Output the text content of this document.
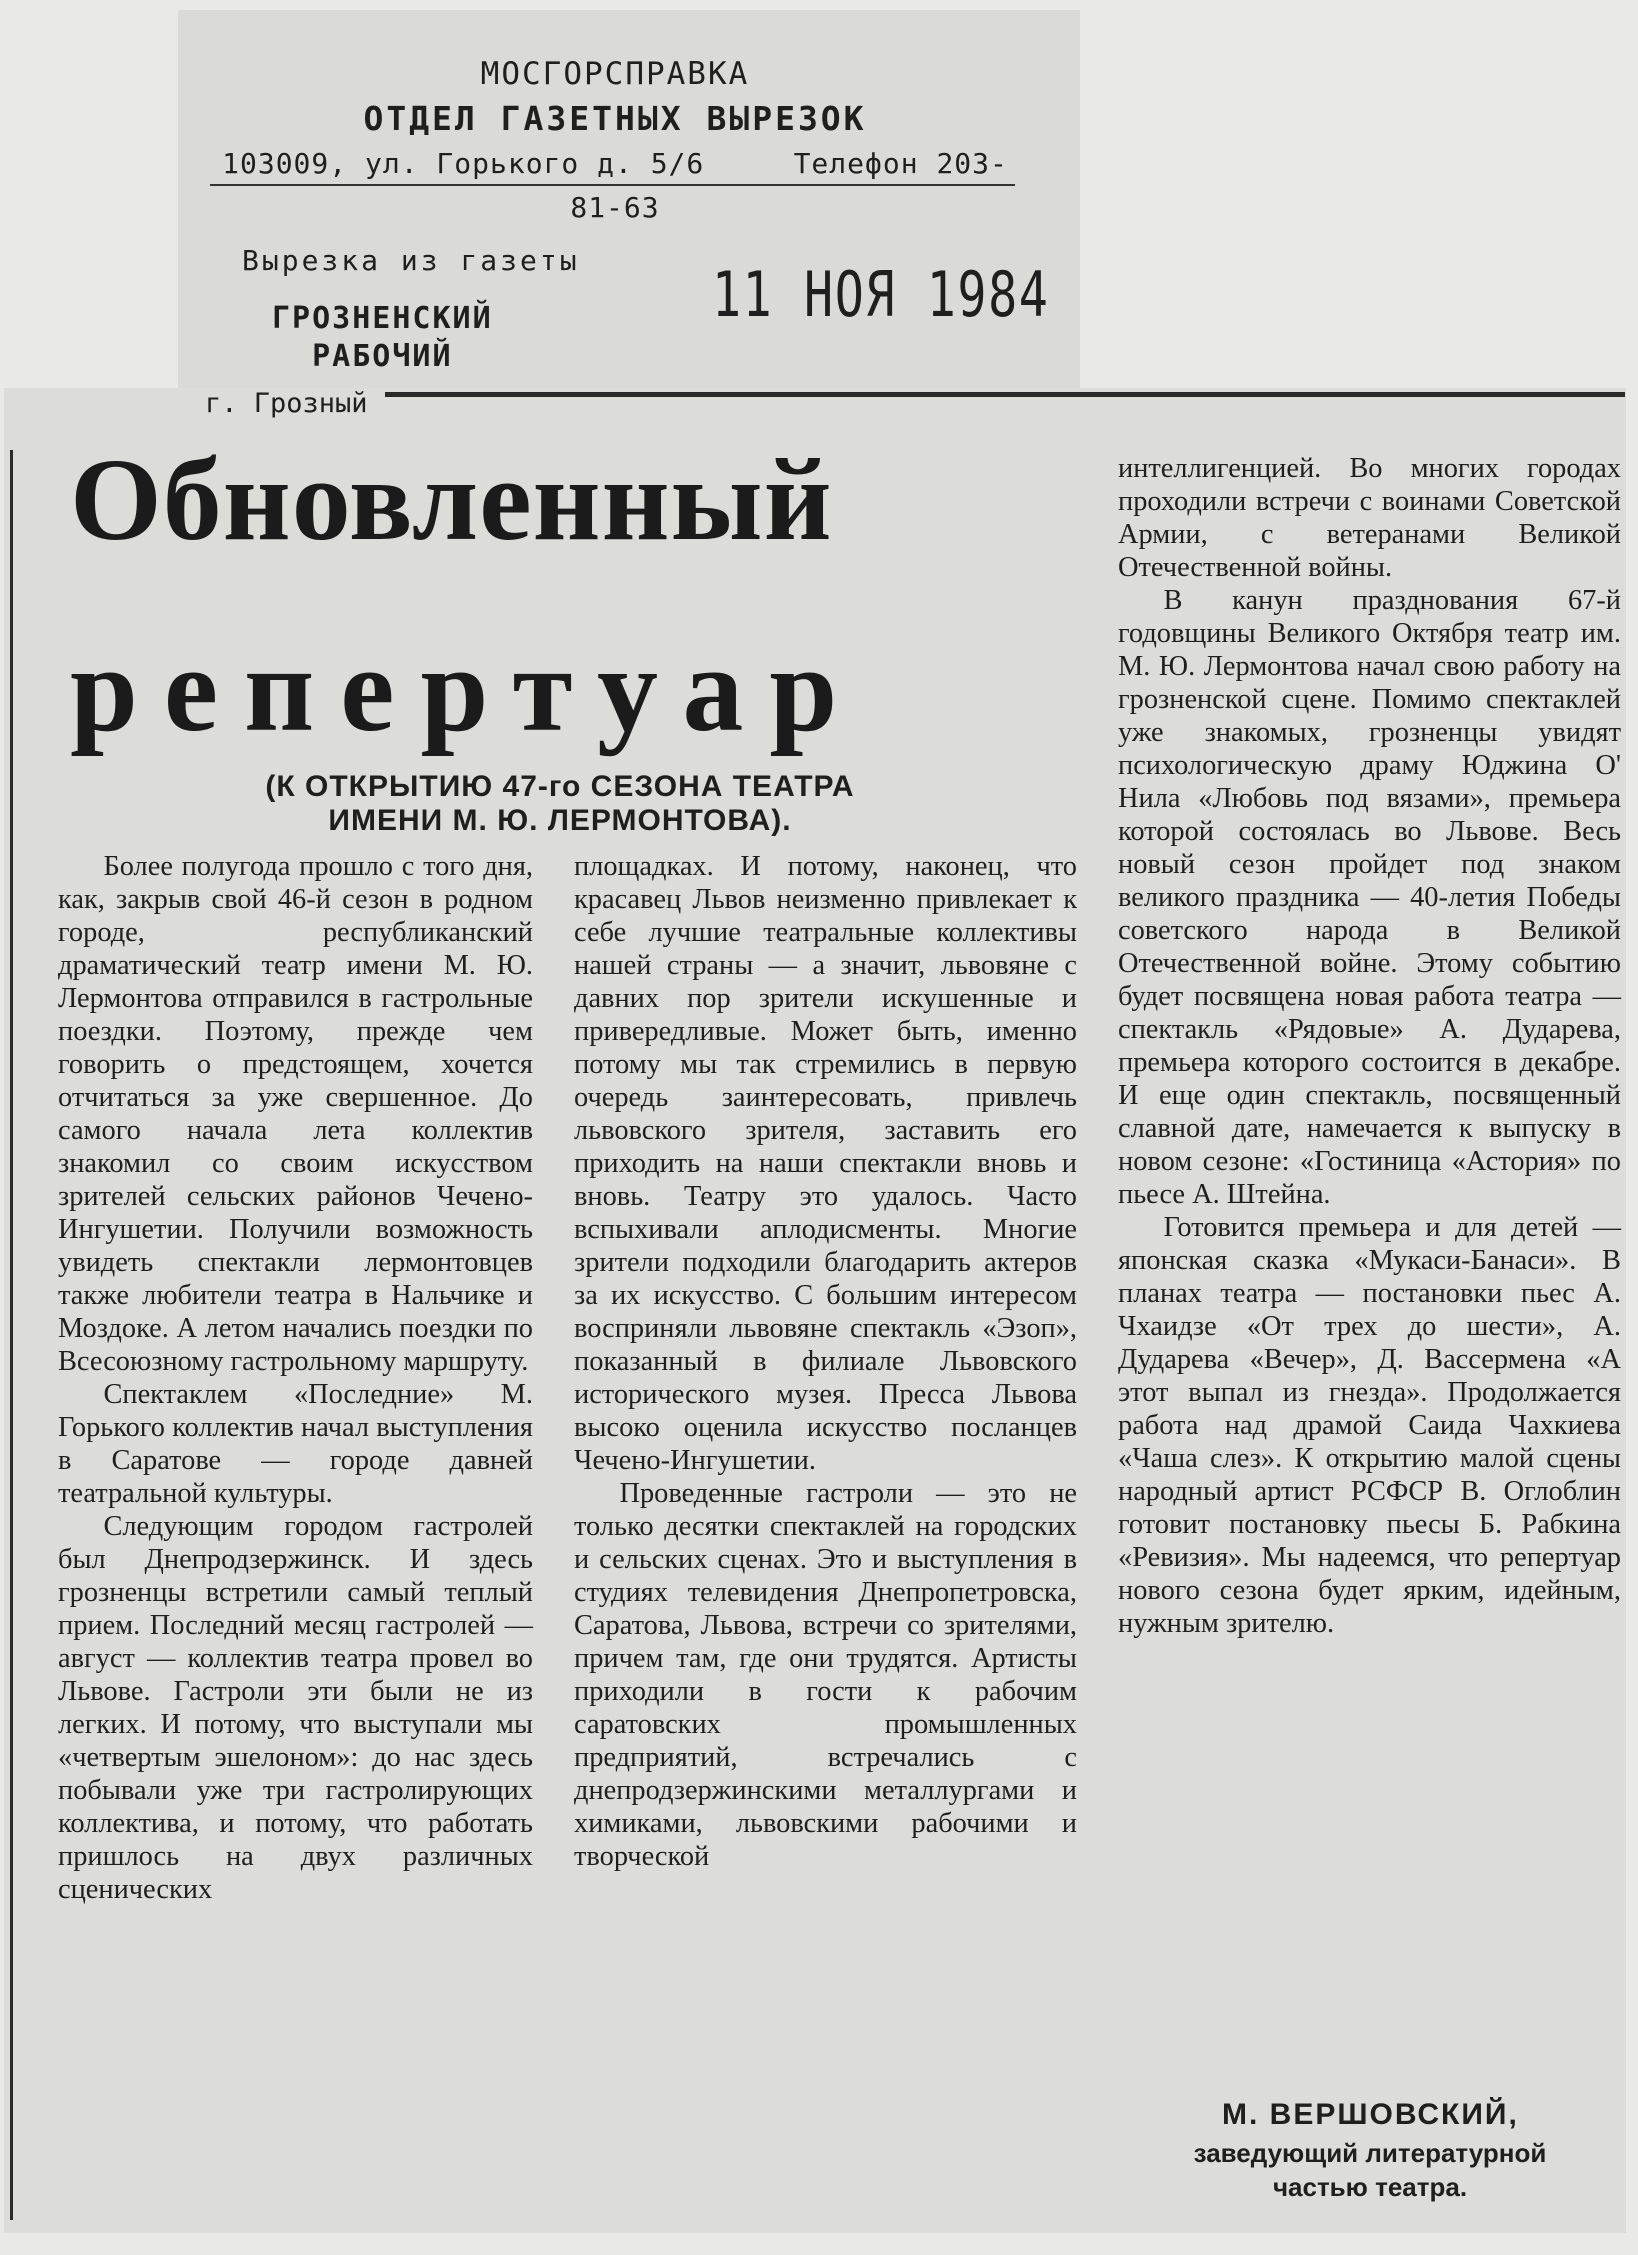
МОСГОРСПРАВКА
ОТДЕЛ ГАЗЕТНЫХ ВЫРЕЗОК
103009, ул. Горького д. 5/6	Телефон 203-81-63
Вырезка из газеты
ГРОЗНЕНСКИЙ
РАБОЧИЙ
11 НОЯ 1984
г. Грозный
Обновленный
репертуар
(К ОТКРЫТИЮ 47-го СЕЗОНА ТЕАТРА
ИМЕНИ М. Ю. ЛЕРМОНТОВА).

Более полугода прошло с того дня, как, закрыв свой 46-й сезон в родном городе, республиканский драматический театр имени М. Ю. Лермонтова отправился в гастрольные поездки. Поэтому, прежде чем говорить о предстоящем, хочется отчитаться за уже свершенное. До самого начала лета коллектив знакомил со своим искусством зрителей сельских районов Чечено-Ингушетии. Получили возможность увидеть спектакли лермонтовцев также любители театра в Нальчике и Моздоке. А летом начались поездки по Всесоюзному гастрольному маршруту.

Спектаклем «Последние» М. Горького коллектив начал выступления в Саратове — городе давней театральной культуры.

Следующим городом гастролей был Днепродзержинск. И здесь грозненцы встретили самый теплый прием. Последний месяц гастролей — август — коллектив театра провел во Львове. Гастроли эти были не из легких. И потому, что выступали мы «четвертым эшелоном»: до нас здесь побывали уже три гастролирующих коллектива, и потому, что работать пришлось на двух различных сценических

площадках. И потому, наконец, что красавец Львов неизменно привлекает к себе лучшие театральные коллективы нашей страны — а значит, львовяне с давних пор зрители искушенные и привередливые. Может быть, именно потому мы так стремились в первую очередь заинтересовать, привлечь львовского зрителя, заставить его приходить на наши спектакли вновь и вновь. Театру это удалось. Часто вспыхивали аплодисменты. Многие зрители подходили благодарить актеров за их искусство. С большим интересом восприняли львовяне спектакль «Эзоп», показанный в филиале Львовского исторического музея. Пресса Львова высоко оценила искусство посланцев Чечено-Ингушетии.

Проведенные гастроли — это не только десятки спектаклей на городских и сельских сценах. Это и выступления в студиях телевидения Днепропетровска, Саратова, Львова, встречи со зрителями, причем там, где они трудятся. Артисты приходили в гости к рабочим саратовских промышленных предприятий, встречались с днепродзержинскими металлургами и химиками, львовскими рабочими и творческой

интеллигенцией. Во многих городах проходили встречи с воинами Советской Армии, с ветеранами Великой Отечественной войны.

В канун празднования 67-й годовщины Великого Октября театр им. М. Ю. Лермонтова начал свою работу на грозненской сцене. Помимо спектаклей уже знакомых, грозненцы увидят психологическую драму Юджина О' Нила «Любовь под вязами», премьера которой состоялась во Львове. Весь новый сезон пройдет под знаком великого праздника — 40-летия Победы советского народа в Великой Отечественной войне. Этому событию будет посвящена новая работа театра — спектакль «Рядовые» А. Дударева, премьера которого состоится в декабре. И еще один спектакль, посвященный славной дате, намечается к выпуску в новом сезоне: «Гостиница «Астория» по пьесе А. Штейна.

Готовится премьера и для детей — японская сказка «Мукаси-Банаси». В планах театра — постановки пьес А. Чхаидзе «От трех до шести», А. Дударева «Вечер», Д. Вассермена «А этот выпал из гнезда». Продолжается работа над драмой Саида Чахкиева «Чаша слез». К открытию малой сцены народный артист РСФСР В. Оглоблин готовит постановку пьесы Б. Рабкина «Ревизия». Мы надеемся, что репертуар нового сезона будет ярким, идейным, нужным зрителю.

М. ВЕРШОВСКИЙ,
заведующий литературной
частью театра.
